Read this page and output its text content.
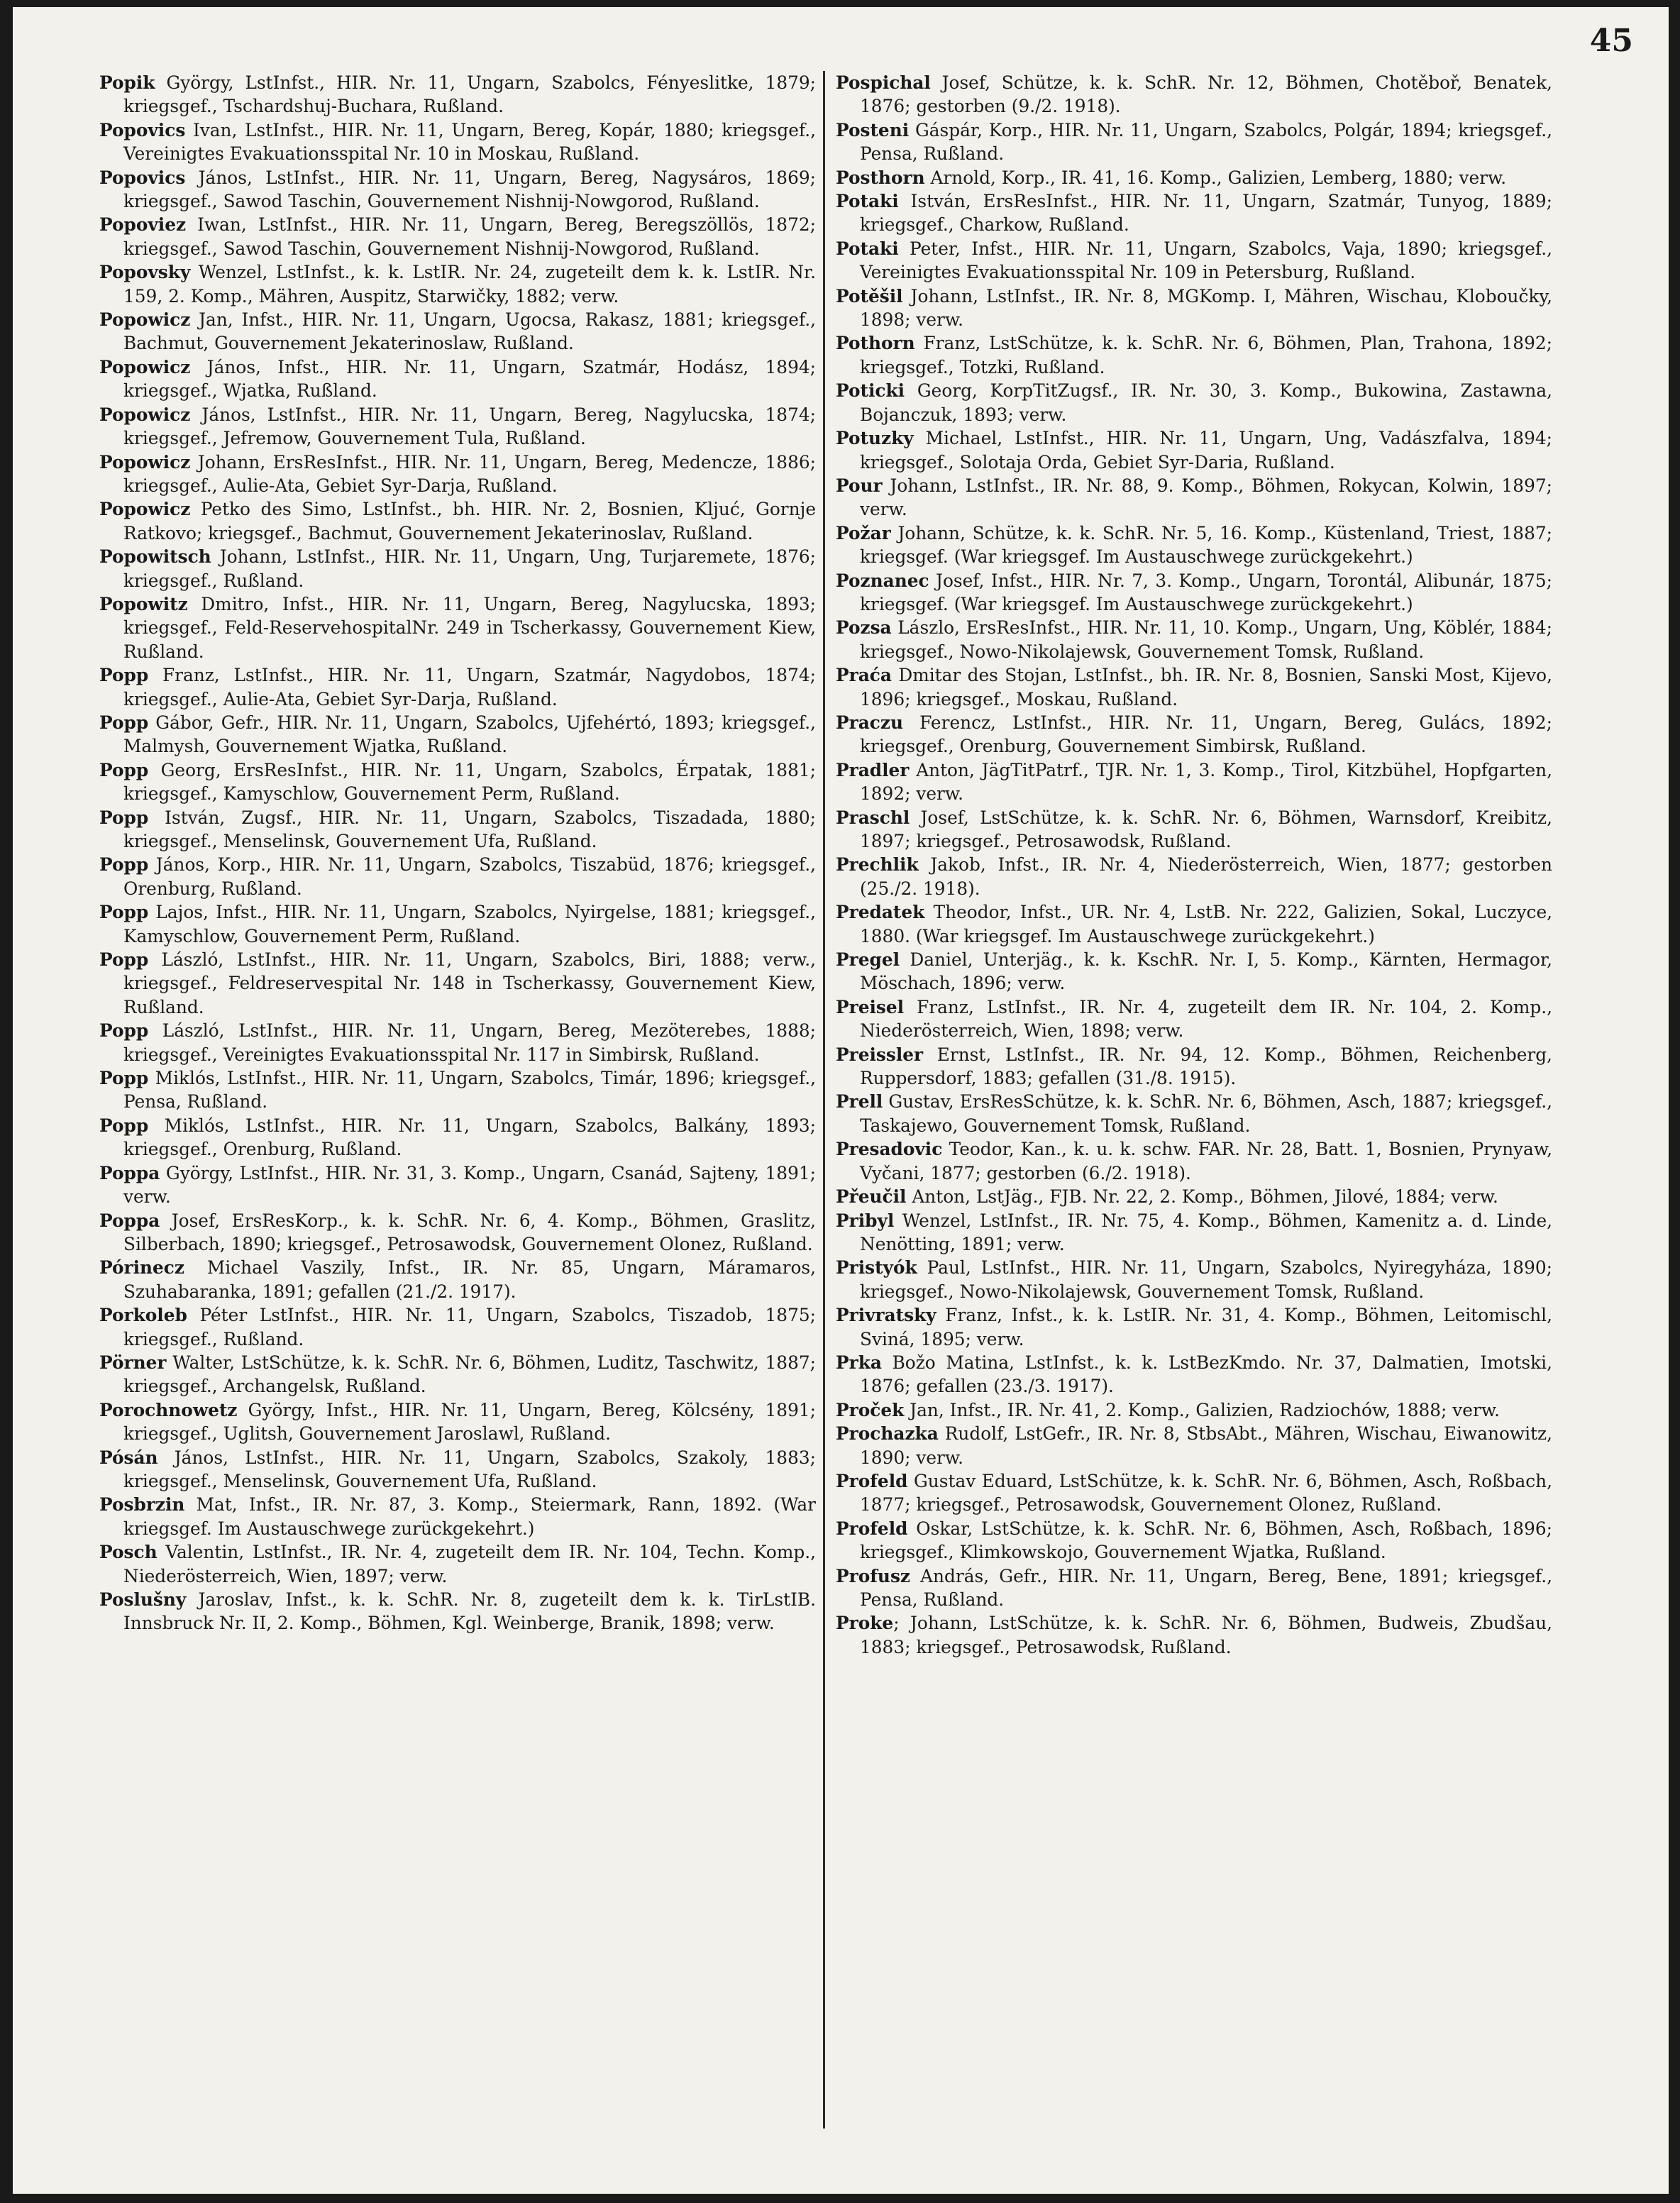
45

Popik György, LstInfst., HIR. Nr. 11, Ungarn, Szabolcs, Fényeslitke, 1879; kriegsgef., Tschardshuj-Buchara, Rußland.

Popovics Ivan, LstInfst., HIR. Nr. 11, Ungarn, Bereg, Kopár, 1880; kriegsgef., Vereinigtes Evakuationsspital Nr. 10 in Moskau, Rußland.

Popovics János, LstInfst., HIR. Nr. 11, Ungarn, Bereg, Nagysáros, 1869; kriegsgef., Sawod Taschin, Gouvernement Nishnij-Nowgorod, Rußland.

Popoviez Iwan, LstInfst., HIR. Nr. 11, Ungarn, Bereg, Beregszöllös, 1872; kriegsgef., Sawod Taschin, Gouvernement Nishnij-Nowgorod, Rußland.

Popovsky Wenzel, LstInfst., k. k. LstIR. Nr. 24, zugeteilt dem k. k. LstIR. Nr. 159, 2. Komp., Mähren, Auspitz, Starwičky, 1882; verw.

Popowicz Jan, Infst., HIR. Nr. 11, Ungarn, Ugocsa, Rakasz, 1881; kriegsgef., Bachmut, Gouvernement Jekaterinoslaw, Rußland.

Popowicz János, Infst., HIR. Nr. 11, Ungarn, Szatmár, Hodász, 1894; kriegsgef., Wjatka, Rußland.

Popowicz János, LstInfst., HIR. Nr. 11, Ungarn, Bereg, Nagylucska, 1874; kriegsgef., Jefremow, Gouvernement Tula, Rußland.

Popowicz Johann, ErsResInfst., HIR. Nr. 11, Ungarn, Bereg, Medencze, 1886; kriegsgef., Aulie-Ata, Gebiet Syr-Darja, Rußland.

Popowicz Petko des Simo, LstInfst., bh. HIR. Nr. 2, Bosnien, Kljuć, Gornje Ratkovo; kriegsgef., Bachmut, Gouvernement Jekaterinoslav, Rußland.

Popowitsch Johann, LstInfst., HIR. Nr. 11, Ungarn, Ung, Turjaremete, 1876; kriegsgef., Rußland.

Popowitz Dmitro, Infst., HIR. Nr. 11, Ungarn, Bereg, Nagylucska, 1893; kriegsgef., Feld-ReservehospitalNr. 249 in Tscherkassy, Gouvernement Kiew, Rußland.

Popp Franz, LstInfst., HIR. Nr. 11, Ungarn, Szatmár, Nagydobos, 1874; kriegsgef., Aulie-Ata, Gebiet Syr-Darja, Rußland.

Popp Gábor, Gefr., HIR. Nr. 11, Ungarn, Szabolcs, Ujfehértó, 1893; kriegsgef., Malmysh, Gouvernement Wjatka, Rußland.

Popp Georg, ErsResInfst., HIR. Nr. 11, Ungarn, Szabolcs, Érpatak, 1881; kriegsgef., Kamyschlow, Gouvernement Perm, Rußland.

Popp István, Zugsf., HIR. Nr. 11, Ungarn, Szabolcs, Tiszadada, 1880; kriegsgef., Menselinsk, Gouvernement Ufa, Rußland.

Popp János, Korp., HIR. Nr. 11, Ungarn, Szabolcs, Tiszabüd, 1876; kriegsgef., Orenburg, Rußland.

Popp Lajos, Infst., HIR. Nr. 11, Ungarn, Szabolcs, Nyirgelse, 1881; kriegsgef., Kamyschlow, Gouvernement Perm, Rußland.

Popp László, LstInfst., HIR. Nr. 11, Ungarn, Szabolcs, Biri, 1888; verw., kriegsgef., Feldreservespital Nr. 148 in Tscherkassy, Gouvernement Kiew, Rußland.

Popp László, LstInfst., HIR. Nr. 11, Ungarn, Bereg, Mezöterebes, 1888; kriegsgef., Vereinigtes Evakuationsspital Nr. 117 in Simbirsk, Rußland.

Popp Miklós, LstInfst., HIR. Nr. 11, Ungarn, Szabolcs, Timár, 1896; kriegsgef., Pensa, Rußland.

Popp Miklós, LstInfst., HIR. Nr. 11, Ungarn, Szabolcs, Balkány, 1893; kriegsgef., Orenburg, Rußland.

Poppa György, LstInfst., HIR. Nr. 31, 3. Komp., Ungarn, Csanád, Sajteny, 1891; verw.

Poppa Josef, ErsResKorp., k. k. SchR. Nr. 6, 4. Komp., Böhmen, Graslitz, Silberbach, 1890; kriegsgef., Petrosawodsk, Gouvernement Olonez, Rußland.

Pórinecz Michael Vaszily, Infst., IR. Nr. 85, Ungarn, Máramaros, Szuhabaranka, 1891; gefallen (21./2. 1917).

Porkoleb Péter LstInfst., HIR. Nr. 11, Ungarn, Szabolcs, Tiszadob, 1875; kriegsgef., Rußland.

Pörner Walter, LstSchütze, k. k. SchR. Nr. 6, Böhmen, Luditz, Taschwitz, 1887; kriegsgef., Archangelsk, Rußland.

Porochnowetz György, Infst., HIR. Nr. 11, Ungarn, Bereg, Kölcsény, 1891; kriegsgef., Uglitsh, Gouvernement Jaroslawl, Rußland.

Pósán János, LstInfst., HIR. Nr. 11, Ungarn, Szabolcs, Szakoly, 1883; kriegsgef., Menselinsk, Gouvernement Ufa, Rußland.

Posbrzin Mat, Infst., IR. Nr. 87, 3. Komp., Steiermark, Rann, 1892. (War kriegsgef. Im Austauschwege zurückgekehrt.)

Posch Valentin, LstInfst., IR. Nr. 4, zugeteilt dem IR. Nr. 104, Techn. Komp., Niederösterreich, Wien, 1897; verw.

Poslušny Jaroslav, Infst., k. k. SchR. Nr. 8, zugeteilt dem k. k. TirLstIB. Innsbruck Nr. II, 2. Komp., Böhmen, Kgl. Weinberge, Branik, 1898; verw.

Pospichal Josef, Schütze, k. k. SchR. Nr. 12, Böhmen, Chotěboř, Benatek, 1876; gestorben (9./2. 1918).

Posteni Gáspár, Korp., HIR. Nr. 11, Ungarn, Szabolcs, Polgár, 1894; kriegsgef., Pensa, Rußland.

Posthorn Arnold, Korp., IR. 41, 16. Komp., Galizien, Lemberg, 1880; verw.

Potaki István, ErsResInfst., HIR. Nr. 11, Ungarn, Szatmár, Tunyog, 1889; kriegsgef., Charkow, Rußland.

Potaki Peter, Infst., HIR. Nr. 11, Ungarn, Szabolcs, Vaja, 1890; kriegsgef., Vereinigtes Evakuationsspital Nr. 109 in Petersburg, Rußland.

Potěšil Johann, LstInfst., IR. Nr. 8, MGKomp. I, Mähren, Wischau, Kloboučky, 1898; verw.

Pothorn Franz, LstSchütze, k. k. SchR. Nr. 6, Böhmen, Plan, Trahona, 1892; kriegsgef., Totzki, Rußland.

Poticki Georg, KorpTitZugsf., IR. Nr. 30, 3. Komp., Bukowina, Zastawna, Bojanczuk, 1893; verw.

Potuzky Michael, LstInfst., HIR. Nr. 11, Ungarn, Ung, Vadászfalva, 1894; kriegsgef., Solotaja Orda, Gebiet Syr-Daria, Rußland.

Pour Johann, LstInfst., IR. Nr. 88, 9. Komp., Böhmen, Rokycan, Kolwin, 1897; verw.

Požar Johann, Schütze, k. k. SchR. Nr. 5, 16. Komp., Küstenland, Triest, 1887; kriegsgef. (War kriegsgef. Im Austauschwege zurückgekehrt.)

Poznanec Josef, Infst., HIR. Nr. 7, 3. Komp., Ungarn, Torontál, Alibunár, 1875; kriegsgef. (War kriegsgef. Im Austauschwege zurückgekehrt.)

Pozsa Lászlo, ErsResInfst., HIR. Nr. 11, 10. Komp., Ungarn, Ung, Köblér, 1884; kriegsgef., Nowo-Nikolajewsk, Gouvernement Tomsk, Rußland.

Praća Dmitar des Stojan, LstInfst., bh. IR. Nr. 8, Bosnien, Sanski Most, Kijevo, 1896; kriegsgef., Moskau, Rußland.

Praczu Ferencz, LstInfst., HIR. Nr. 11, Ungarn, Bereg, Gulács, 1892; kriegsgef., Orenburg, Gouvernement Simbirsk, Rußland.

Pradler Anton, JägTitPatrf., TJR. Nr. 1, 3. Komp., Tirol, Kitzbühel, Hopfgarten, 1892; verw.

Praschl Josef, LstSchütze, k. k. SchR. Nr. 6, Böhmen, Warnsdorf, Kreibitz, 1897; kriegsgef., Petrosawodsk, Rußland.

Prechlik Jakob, Infst., IR. Nr. 4, Niederösterreich, Wien, 1877; gestorben (25./2. 1918).

Predatek Theodor, Infst., UR. Nr. 4, LstB. Nr. 222, Galizien, Sokal, Luczyce, 1880. (War kriegsgef. Im Austauschwege zurückgekehrt.)

Pregel Daniel, Unterjäg., k. k. KschR. Nr. I, 5. Komp., Kärnten, Hermagor, Möschach, 1896; verw.

Preisel Franz, LstInfst., IR. Nr. 4, zugeteilt dem IR. Nr. 104, 2. Komp., Niederösterreich, Wien, 1898; verw.

Preissler Ernst, LstInfst., IR. Nr. 94, 12. Komp., Böhmen, Reichenberg, Ruppersdorf, 1883; gefallen (31./8. 1915).

Prell Gustav, ErsResSchütze, k. k. SchR. Nr. 6, Böhmen, Asch, 1887; kriegsgef., Taskajewo, Gouvernement Tomsk, Rußland.

Presadovic Teodor, Kan., k. u. k. schw. FAR. Nr. 28, Batt. 1, Bosnien, Prynyaw, Vyčani, 1877; gestorben (6./2. 1918).

Přeučil Anton, LstJäg., FJB. Nr. 22, 2. Komp., Böhmen, Jilové, 1884; verw.

Pribyl Wenzel, LstInfst., IR. Nr. 75, 4. Komp., Böhmen, Kamenitz a. d. Linde, Nenötting, 1891; verw.

Pristyók Paul, LstInfst., HIR. Nr. 11, Ungarn, Szabolcs, Nyiregyháza, 1890; kriegsgef., Nowo-Nikolajewsk, Gouvernement Tomsk, Rußland.

Privratsky Franz, Infst., k. k. LstIR. Nr. 31, 4. Komp., Böhmen, Leitomischl, Sviná, 1895; verw.

Prka Božo Matina, LstInfst., k. k. LstBezKmdo. Nr. 37, Dalmatien, Imotski, 1876; gefallen (23./3. 1917).

Proček Jan, Infst., IR. Nr. 41, 2. Komp., Galizien, Radziochów, 1888; verw.

Prochazka Rudolf, LstGefr., IR. Nr. 8, StbsAbt., Mähren, Wischau, Eiwanowitz, 1890; verw.

Profeld Gustav Eduard, LstSchütze, k. k. SchR. Nr. 6, Böhmen, Asch, Roßbach, 1877; kriegsgef., Petrosawodsk, Gouvernement Olonez, Rußland.

Profeld Oskar, LstSchütze, k. k. SchR. Nr. 6, Böhmen, Asch, Roßbach, 1896; kriegsgef., Klimkowskojo, Gouvernement Wjatka, Rußland.

Profusz András, Gefr., HIR. Nr. 11, Ungarn, Bereg, Bene, 1891; kriegsgef., Pensa, Rußland.

Proke; Johann, LstSchütze, k. k. SchR. Nr. 6, Böhmen, Budweis, Zbudšau, 1883; kriegsgef., Petrosawodsk, Rußland.
